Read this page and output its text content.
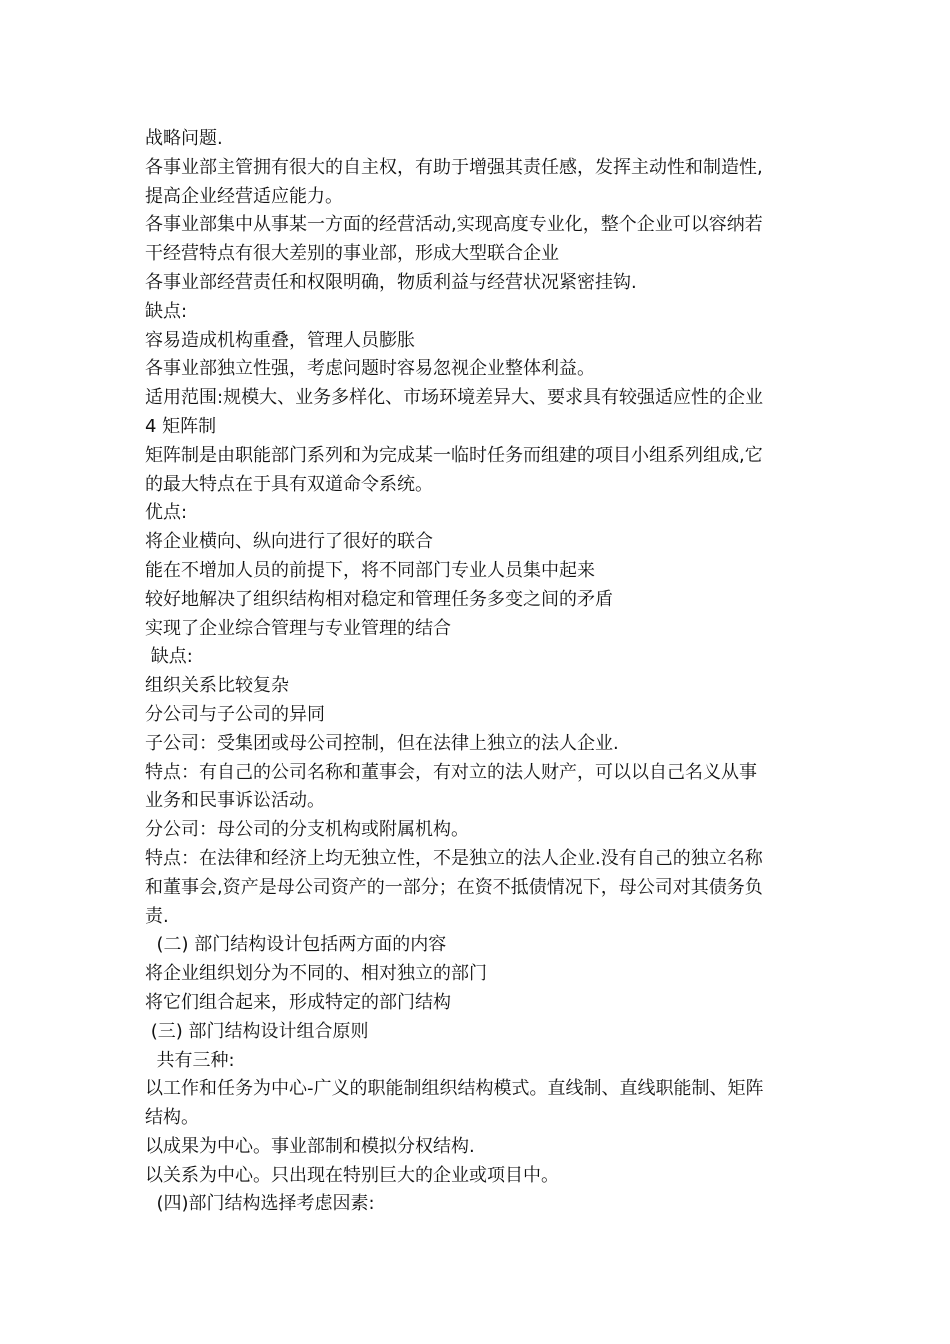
战略问题.
各事业部主管拥有很大的自主权，有助于增强其责任感，发挥主动性和制造性,
提高企业经营适应能力。
各事业部集中从事某一方面的经营活动,实现高度专业化，整个企业可以容纳若
干经营特点有很大差别的事业部，形成大型联合企业
各事业部经营责任和权限明确，物质利益与经营状况紧密挂钩.
缺点:
容易造成机构重叠，管理人员膨胀
各事业部独立性强，考虑问题时容易忽视企业整体利益。
适用范围:规模大、业务多样化、市场环境差异大、要求具有较强适应性的企业
4 矩阵制
矩阵制是由职能部门系列和为完成某一临时任务而组建的项目小组系列组成,它
的最大特点在于具有双道命令系统。
优点:
将企业横向、纵向进行了很好的联合
能在不增加人员的前提下，将不同部门专业人员集中起来
较好地解决了组织结构相对稳定和管理任务多变之间的矛盾
实现了企业综合管理与专业管理的结合
缺点:
组织关系比较复杂
分公司与子公司的异同
子公司：受集团或母公司控制，但在法律上独立的法人企业.
特点：有自己的公司名称和董事会，有对立的法人财产，可以以自己名义从事
业务和民事诉讼活动。
分公司：母公司的分支机构或附属机构。
特点：在法律和经济上均无独立性，不是独立的法人企业.没有自己的独立名称
和董事会,资产是母公司资产的一部分；在资不抵债情况下，母公司对其债务负
责.
(二) 部门结构设计包括两方面的内容
将企业组织划分为不同的、相对独立的部门
将它们组合起来，形成特定的部门结构
(三) 部门结构设计组合原则
共有三种:
以工作和任务为中心-广义的职能制组织结构模式。直线制、直线职能制、矩阵
结构。
以成果为中心。事业部制和模拟分权结构.
以关系为中心。只出现在特别巨大的企业或项目中。
(四)部门结构选择考虑因素:
